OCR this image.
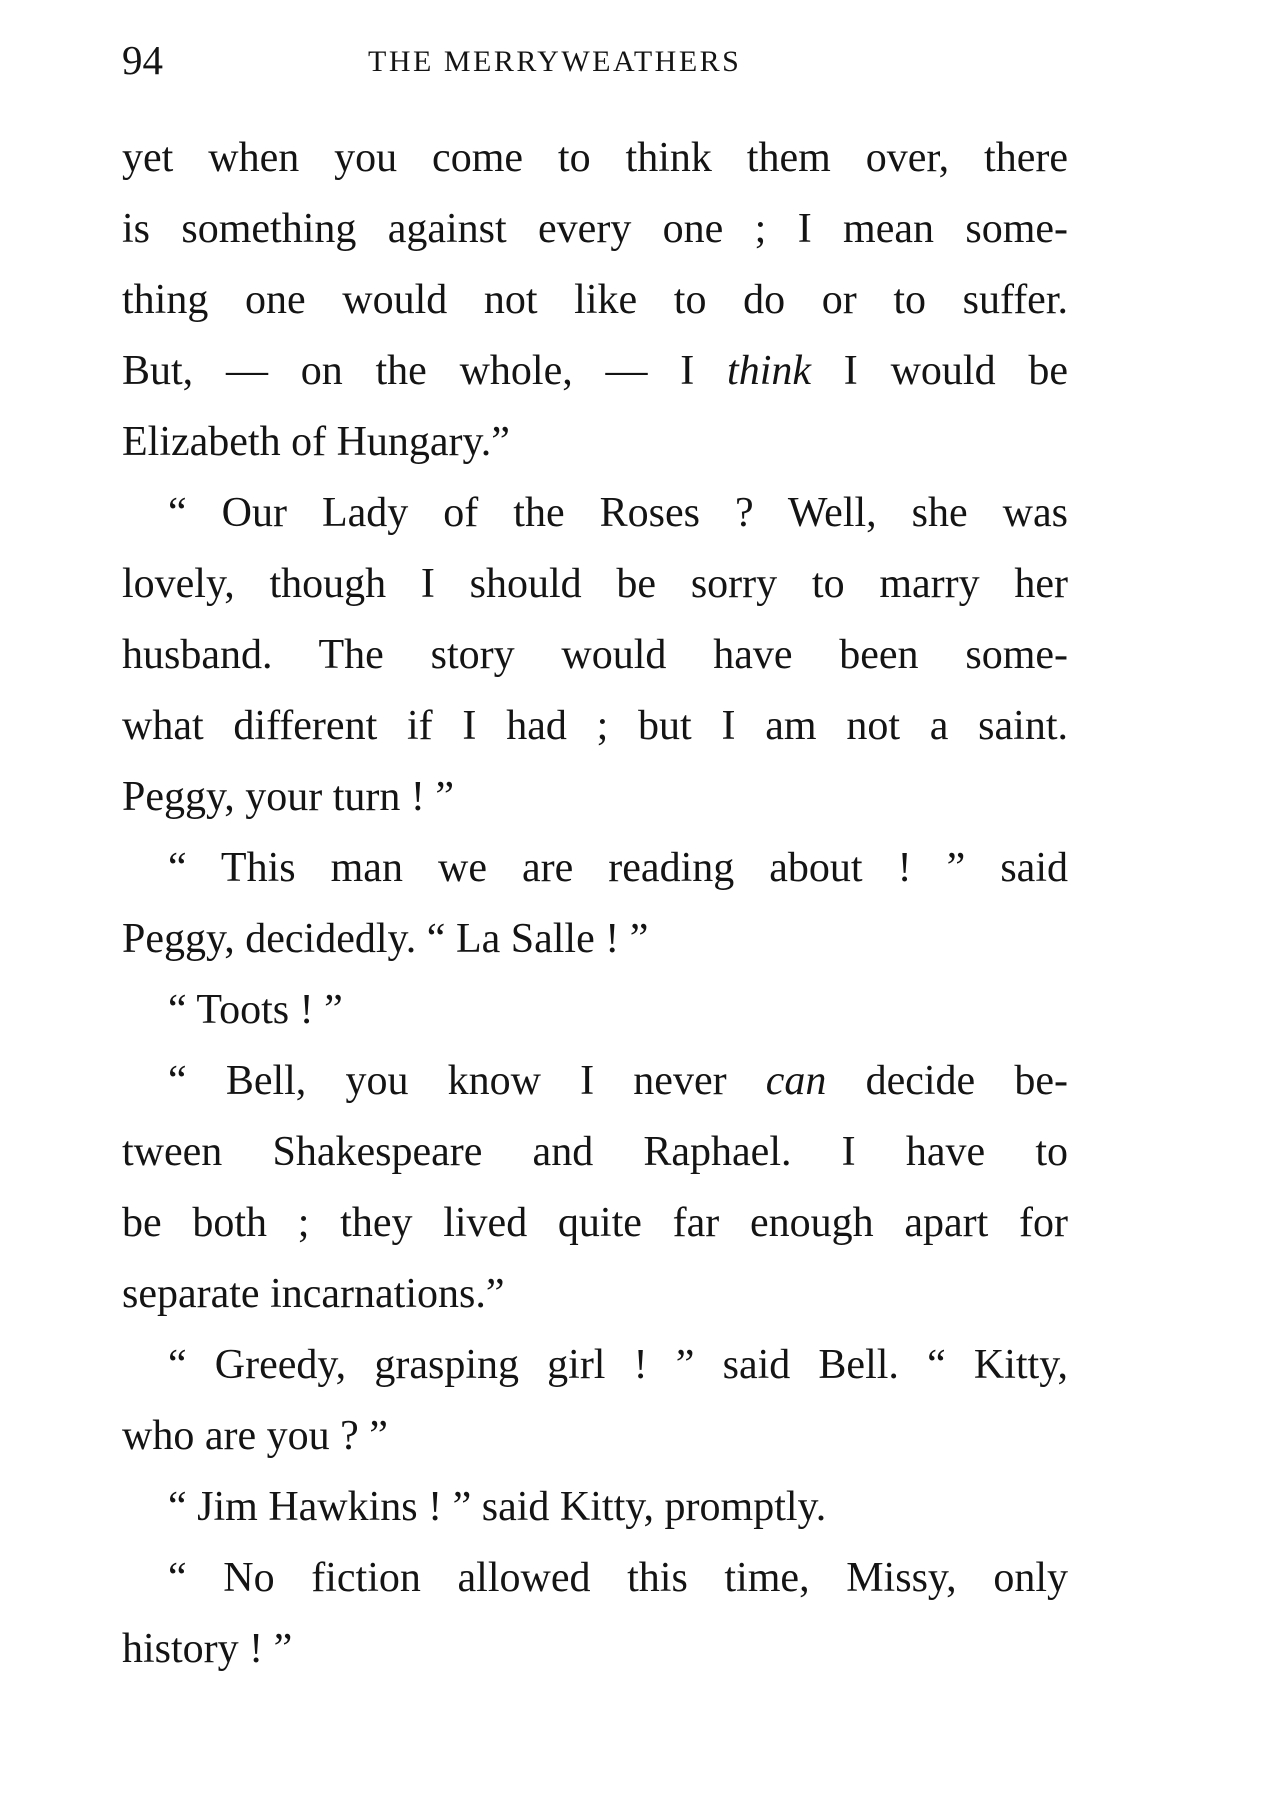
94	THE MERRYWEATHERS
yet when you come to think them over, there
is something against every one ; I mean some-
thing one would not like to do or to suffer.
But, — on the whole, — I think I would be
Elizabeth of Hungary.”
“ Our Lady of the Roses ? Well, she was
lovely, though I should be sorry to marry her
husband. The story would have been some-
what different if I had ; but I am not a saint.
Peggy, your turn ! ”
“ This man we are reading about ! ” said
Peggy, decidedly. “ La Salle ! ”
“ Toots ! ”
“ Bell, you know I never can decide be-
tween Shakespeare and Raphael. I have to
be both ; they lived quite far enough apart for
separate incarnations.”
“ Greedy, grasping girl ! ” said Bell. “ Kitty,
who are you ? ”
“ Jim Hawkins ! ” said Kitty, promptly.
“ No fiction allowed this time, Missy, only
history ! ”
